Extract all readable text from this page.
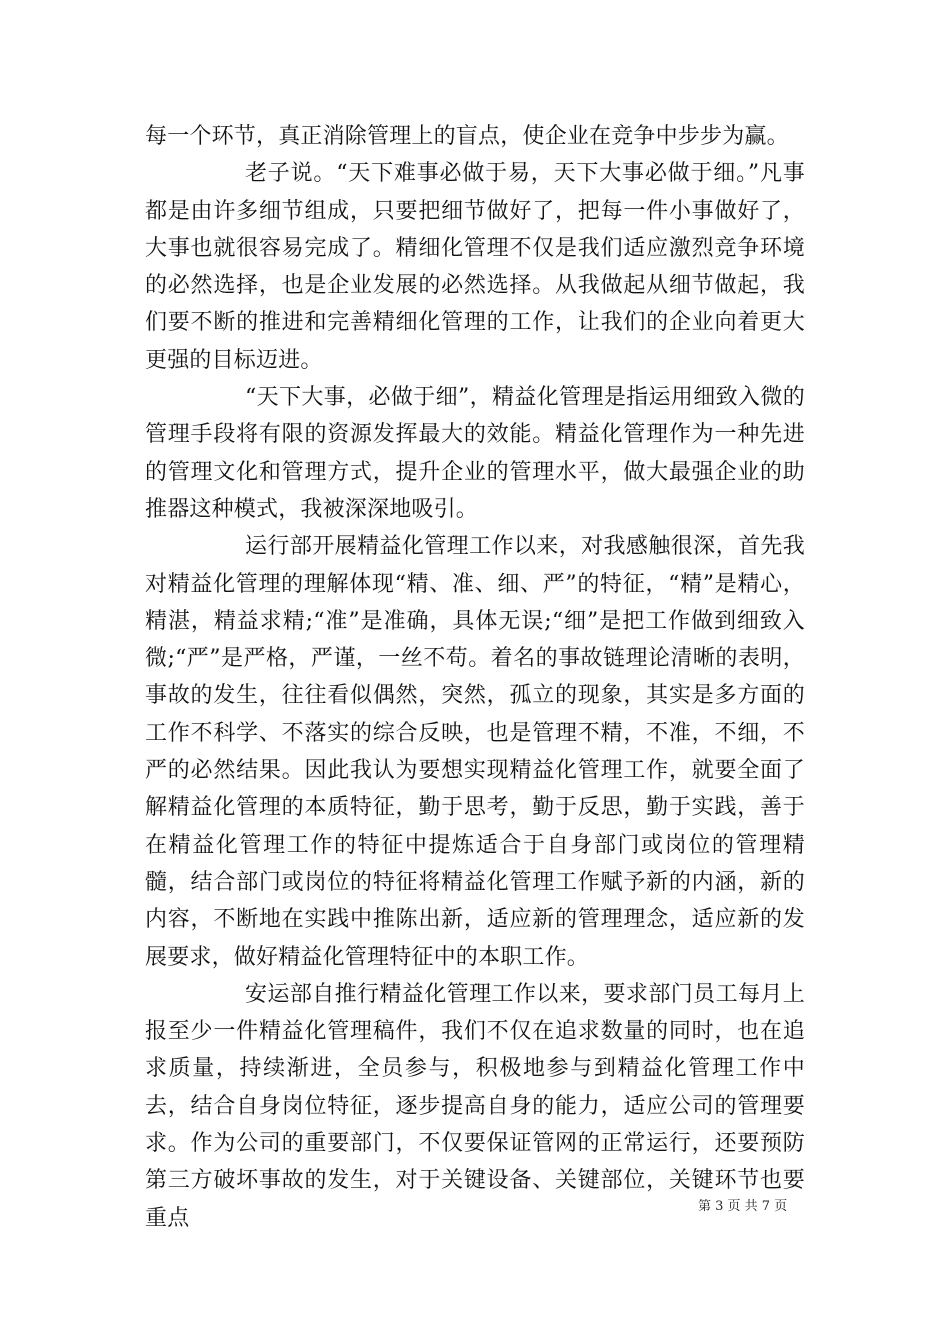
每一个环节，真正消除管理上的盲点，使企业在竞争中步步为赢。

老子说。“天下难事必做于易，天下大事必做于细。”凡事都是由许多细节组成，只要把细节做好了，把每一件小事做好了，大事也就很容易完成了。精细化管理不仅是我们适应激烈竞争环境的必然选择，也是企业发展的必然选择。从我做起从细节做起，我们要不断的推进和完善精细化管理的工作，让我们的企业向着更大更强的目标迈进。

“天下大事，必做于细”，精益化管理是指运用细致入微的管理手段将有限的资源发挥最大的效能。精益化管理作为一种先进的管理文化和管理方式，提升企业的管理水平，做大最强企业的助推器这种模式，我被深深地吸引。

运行部开展精益化管理工作以来，对我感触很深，首先我对精益化管理的理解体现“精、准、细、严”的特征，“精”是精心，精湛，精益求精;“准”是准确，具体无误;“细”是把工作做到细致入微;“严”是严格，严谨，一丝不苟。着名的事故链理论清晰的表明，事故的发生，往往看似偶然，突然，孤立的现象，其实是多方面的工作不科学、不落实的综合反映，也是管理不精，不准，不细，不严的必然结果。因此我认为要想实现精益化管理工作，就要全面了解精益化管理的本质特征，勤于思考，勤于反思，勤于实践，善于在精益化管理工作的特征中提炼适合于自身部门或岗位的管理精髓，结合部门或岗位的特征将精益化管理工作赋予新的内涵，新的内容，不断地在实践中推陈出新，适应新的管理理念，适应新的发展要求，做好精益化管理特征中的本职工作。

安运部自推行精益化管理工作以来，要求部门员工每月上报至少一件精益化管理稿件，我们不仅在追求数量的同时，也在追求质量，持续渐进，全员参与，积极地参与到精益化管理工作中去，结合自身岗位特征，逐步提高自身的能力，适应公司的管理要求。作为公司的重要部门，不仅要保证管网的正常运行，还要预防第三方破坏事故的发生，对于关键设备、关键部位，关键环节也要重点	第 3 页 共 7 页
